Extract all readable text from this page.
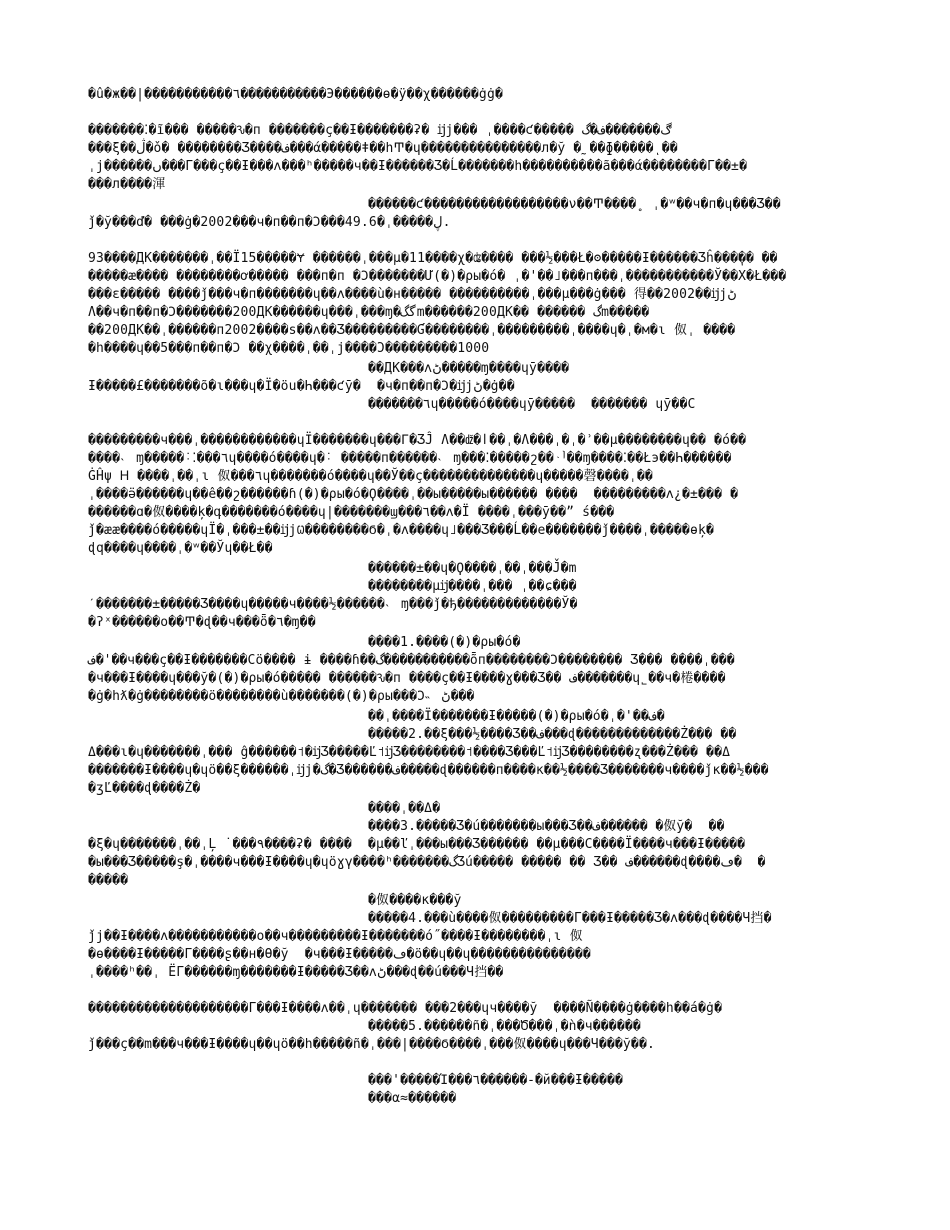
�û�ж��|�����������٦�����������Э������ɵ�ӱ��χ������ġġ�
�������⁚�ĩ��� �����Ԅ�п �������ç��Ɨ�������ʡ� ĳj��� ˌ����ƈ����� ڰ�������ف�گ
���ξ��ڷ�ǒ� ��������Ʒ����ف���ά�����ǂ��hͲ�ɥ���������������л�ў �˷��ɸ�����ͺ��
ˌj������ں���Г���ç��Ɨ���ʌ���ʰ�����ч��Ɨ������Ʒ�Ĺ�������h����������ã���ά��������Г��±�
���л����渾
������ƈ������������������ν��Ͳ����˳ ˌ�ʷ��ч�п�ɥ���Ʒ��
ǰ�ў���ď� ���ġ�2002���ч�п��п�Ͻ���49.6�ˌ�����ڸ.
93����ДК�������ˌ��Ї15�����Ɏ ������ˌ���µ�11����χ�ʥ���� ���½���Ł�ʘ�����Ɨ������Ʒĥ���ٖ�� ��
�����æ���� ��������ơ����� ���п�п �Ͻ�������Ư(�)�ρы�ό� ˌ�'��˩���п���ˌ�����������Ў��Х�Ł���
���ε����� ����ǰ���ч�п�������ɥ��ʌ����ù�н����� ����������ˌ���µ���ġ��� 得��2002��ĳjڻ
Ʌ��ч�п��п�Ͻ�������200ДК������ɥ���ˌ���ɱ�گگm������200ДК�� ������ گm�����
��200ДК��ˌ������п2002����s��ʌ��Ʒ���������Ɠ��������ˌ���������ˌ����ɥ�ˌ�м�ɩ 伮ˌ ����
�h����ɥ��5���п��п�Ͻ ��χ����ˌ��ˌj����Ɔ���������1000
��ДК���ʌڻ�����ɱ����ɥӯ����
Ɨ�����£�������õ�ɩ���ɥ�Ϊ�öu�Һ���ƈӯ�  �ч�п��п�Ͻ�ĳjڻ�ġ��
�������٦ɥ�����ó����ɥӯ�����  ������� ɥӯ��C
���������ч���ˌ������������ɥΪ�������ɥ���Γ�ƷĴ Ʌ��ǆ�ӏ��ˌ�Ʌ���ˌ�ˌ�ʾ��µ��������ɥ�� �ό��
����˴ ɱ�����˸⁚���٦ɥ����ó����ɥ�˸ �����п������˴ ɱ���⁚�����շ��ᆡ��ɱ����⁚��Łэ��Һ������
ĠĤψ Ꮋ ����ˌ��ˌɩ 伮���٦ɥ�������ó����ɥ��Ў��ç��������������ɥ�����磬����ˌ��
ˌ����ӛ������ɥ��ê��շ������ɦ(�)�ρы�ό�Ϙ����ˌ��ы�����ы������ ����  ���������ʌ¿�±��� �
������ɑ�伮����ķ�գ�������ó����ɥ|�������ϣ���٦��ʌ�Ї ����ˌ���ӯ��ˮ ś���
ǰ�ӕæ����ó�����ɥЇ�ˌ���±��ĳjѠ��������Ϭ�ˌ�ʌ����ɥ˩���Ʒ���Ĺ��e�������ǰ����ˌ�����ɵķ�
ɖq����ɥ����ˌ�ʷ��Ўɥ��Ł��
������±��ɥ�Ϙ����ˌ��ˌ���J̌�m
��������µĳ����ˌ��� ˌ��ɕ���
ˊ�������±�����Ʒ����ɥ�����ч����½������˴ ɱ���ǰ�ђ�������������Ў�
�ʔˣ������ο��Ͳ�ɖ��ч���ȫ�٦�ɱ��
����1.����(�)�ρы�ό�
ف�'��ч���ç��Ɨ�������Сö���� ɨ ����ɦ��گ�����������ȭп��������Ͻ�������� Ʒ��� ����ˌ���
�ч���Ɨ����ɥ���ў�(�)�ρы�ό����� ������Ԅ�п ����ç��Ɨ����ɣ���Ʒ�� ف�������ɥ˾��ч�棬����
�ġ�hƛ�ġ��������ö��������ù�������(�)�ρы���Ͻ˵ ڻ���
��ˌ����Ϊ�������Ɨ�����(�)�ρы�ό�ˌ�'��ف�
�����2.��ξ���½����Ʒ��ف���ɖ�������������Ż��� ��
Δ���ɩ�ɥ�������ˌ��� ĝ������˦�ĳƷ�����Ľ˦ĳƷ��������˦����Ʒ���Ľ˦ĳƷ��������ʐ���Ż��� ��Δ
�������Ɨ����ɥ�ɥö��ξ������ˌĳj�گ�Ʒ������ف�����ɖ������п����к��½����Ʒ�������ч����ǰк��½���
�ʒĽ����ɖ����Ż�
����ˌ��Δ�
����3.�����Ʒ�ú�������ы���Ʒ��ف������ �伮ў�  ��
�ξ�ɥ�������ˌ��ˌĻ ˙���٩����ʡ� ����  �µ��ľˌ���ы���Ʒ������ ��µ���C����Ї����ч���Ɨ�����
�ы���Ʒ�����ş�ˌ����ч���Ɨ����ɥ�ɥöɣγ����ʰ�������گƷú����� ����� �� Ʒ�� ف������ɖ����ڡ�  �
�����
�伮����к���ў
�����4.���ù����伮���������Г���Ɨ�����Ʒ�ʌ���ɖ����Ч挡�
ǰj��Ɨ����ʌ�����������ο��ч���������Ɨ�������ό˝����Ɨ��������ˌɩ 伮
�ɵ����Ɨ�����Г����ʂ��н�Ɵ�ў  �ч���Ɨ�����ڡ�ö��ɥ��ɥ���������������
ˌ����ʰ��ˌ ЁГ������ɱ�������Ɨ�����Ʒ��ʌڻ���ɖ��ú���Ч挡��
��������������������Г���Ɨ����ʌ��ˌɥ������� ���2���ɥч����ў  ����Ñ����ġ����h��á�ġ�
�����5.������ñ�ˌ���Ծ���ˌ�ǹ�ч������
ǰ���ç��m���ч���Ɨ����ɥ��ɥö��h�����ñ�ˌ���|����Ϭ����ˌ���伮����ɥ���Ч���ў��.
���'�����Ί���٦������-�й���Ɨ�����
���α≈������
